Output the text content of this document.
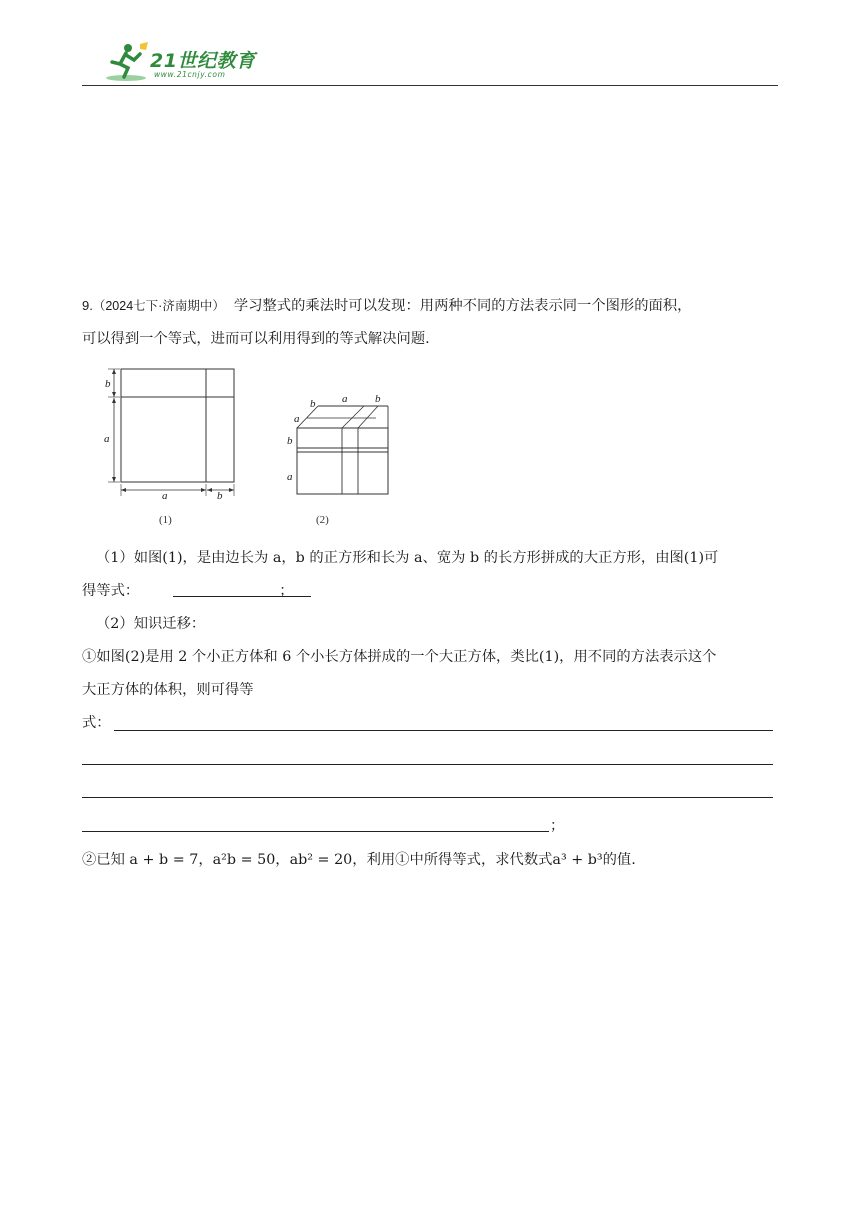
21世纪教育
www.21cnjy.com
9.（2024七下·济南期中） 学习整式的乘法时可以发现：用两种不同的方法表示同一个图形的面积，
可以得到一个等式，进而可以利用得到的等式解决问题.
b
a
a	b
(1)
b a	b
a
b
a
(2)
（1）如图(1)，是由边长为 a，b 的正方形和长为 a、宽为 b 的长方形拼成的大正方形，由图(1)可
得等式：	；
（2）知识迁移：
①如图(2)是用 2 个小正方体和 6 个小长方体拼成的一个大正方体，类比(1)，用不同的方法表示这个
大正方体的体积，则可得等
式：
；
②已知 a + b = 7，a²b = 50，ab² = 20，利用①中所得等式，求代数式a³ + b³的值.
